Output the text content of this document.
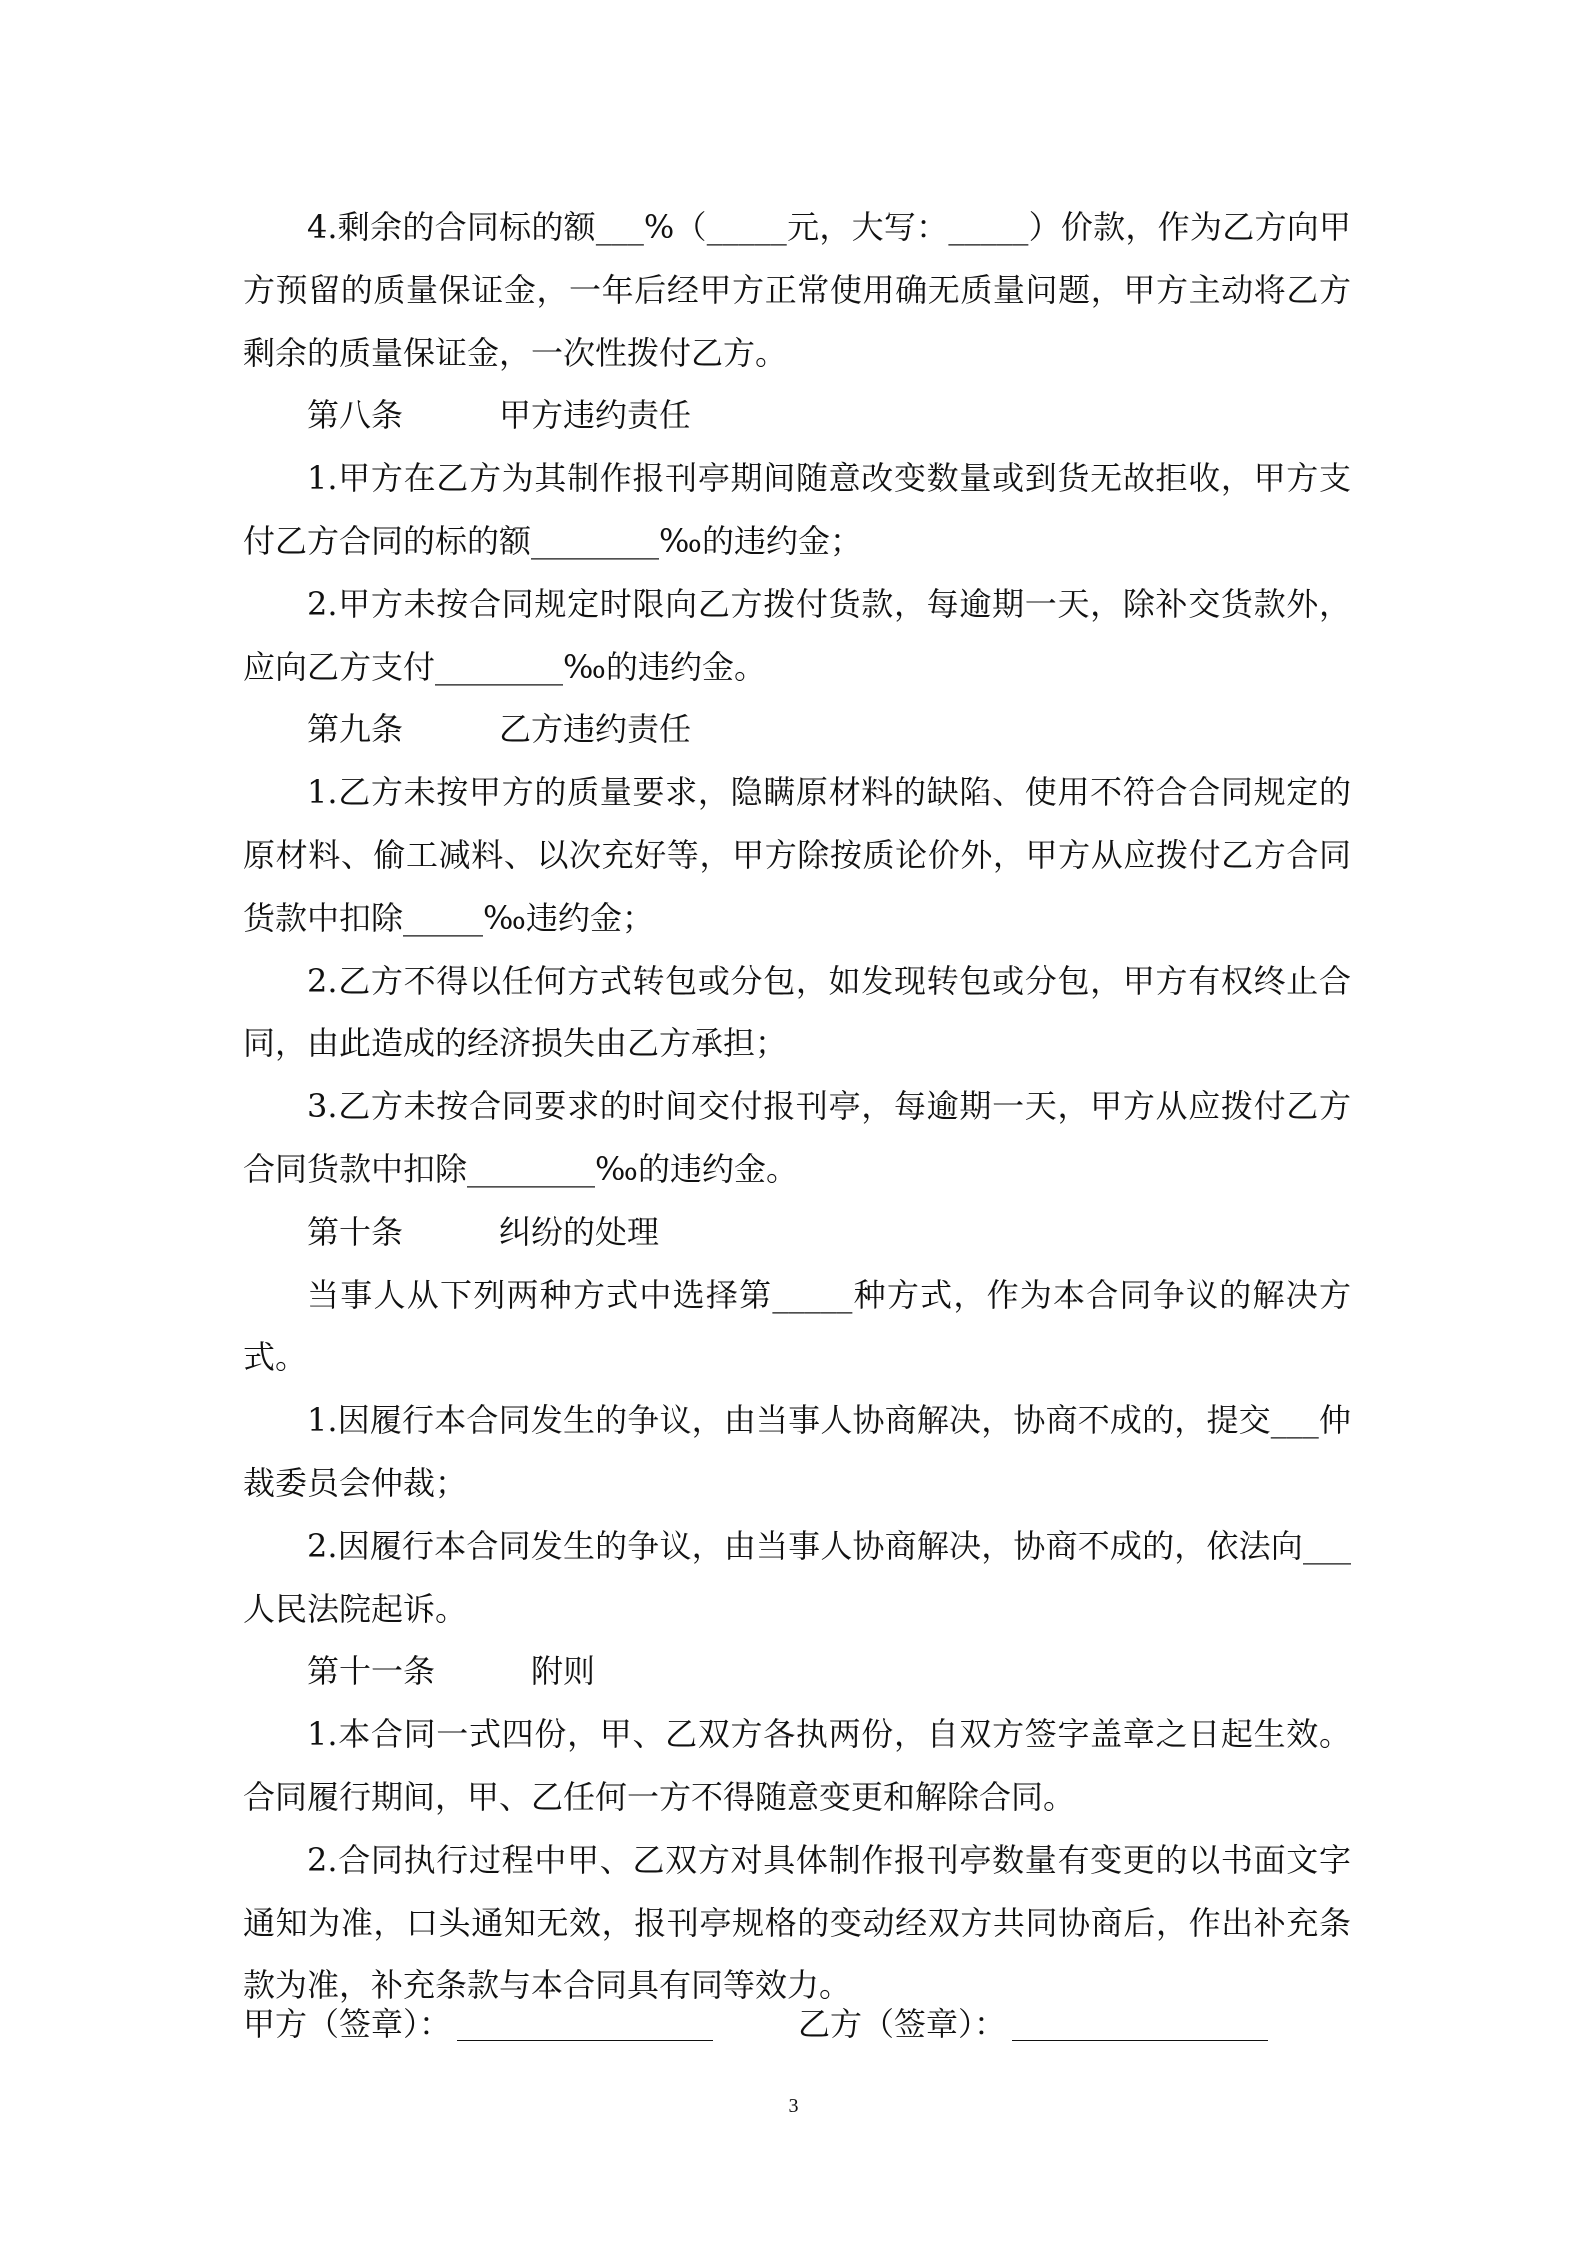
4.剩余的合同标的额___%（_____元，大写：_____）价款，作为乙方向甲方预留的质量保证金，一年后经甲方正常使用确无质量问题，甲方主动将乙方剩余的质量保证金，一次性拨付乙方。

第八条	甲方违约责任

1.甲方在乙方为其制作报刊亭期间随意改变数量或到货无故拒收，甲方支付乙方合同的标的额________‰的违约金；

2.甲方未按合同规定时限向乙方拨付货款，每逾期一天，除补交货款外，应向乙方支付________‰的违约金。

第九条	乙方违约责任

1.乙方未按甲方的质量要求，隐瞒原材料的缺陷、使用不符合合同规定的原材料、偷工减料、以次充好等，甲方除按质论价外，甲方从应拨付乙方合同货款中扣除_____‰违约金；

2.乙方不得以任何方式转包或分包，如发现转包或分包，甲方有权终止合同，由此造成的经济损失由乙方承担；

3.乙方未按合同要求的时间交付报刊亭，每逾期一天，甲方从应拨付乙方合同货款中扣除________‰的违约金。

第十条	纠纷的处理

当事人从下列两种方式中选择第_____种方式，作为本合同争议的解决方式。

1.因履行本合同发生的争议，由当事人协商解决，协商不成的，提交___仲裁委员会仲裁；

2.因履行本合同发生的争议，由当事人协商解决，协商不成的，依法向___人民法院起诉。

第十一条	附则

1.本合同一式四份，甲、乙双方各执两份，自双方签字盖章之日起生效。合同履行期间，甲、乙任何一方不得随意变更和解除合同。

2.合同执行过程中甲、乙双方对具体制作报刊亭数量有变更的以书面文字通知为准，口头通知无效，报刊亭规格的变动经双方共同协商后，作出补充条款为准，补充条款与本合同具有同等效力。

甲方（签章）：	乙方（签章）：
3
